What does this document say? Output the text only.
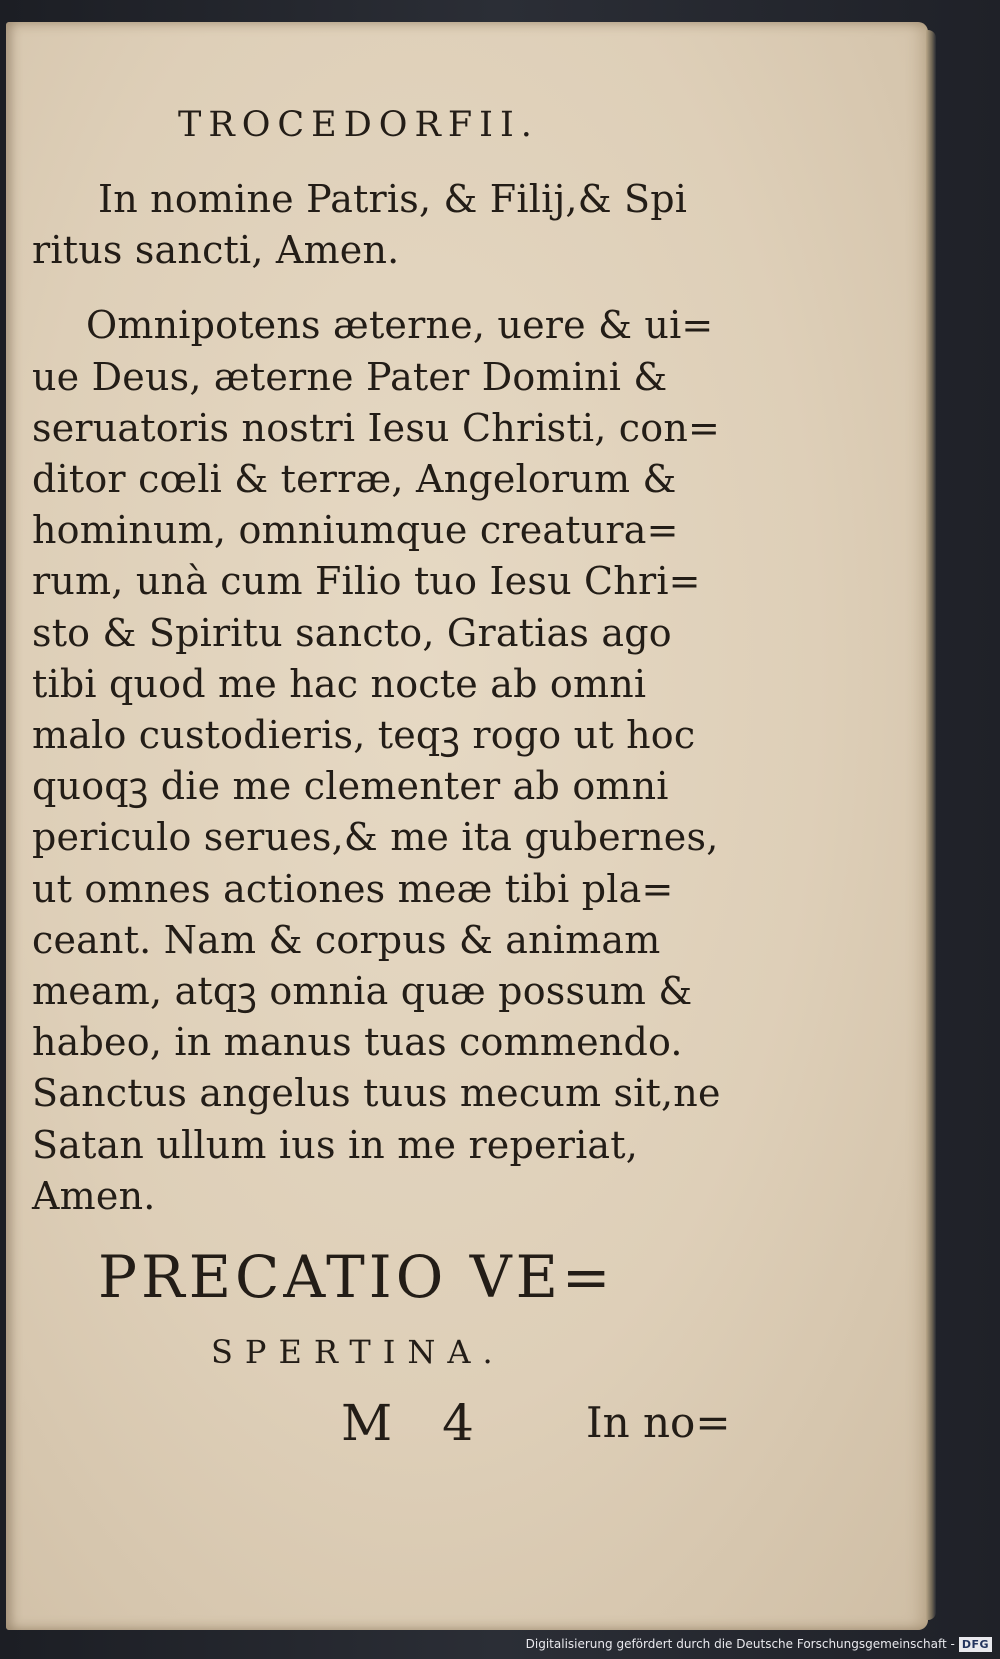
TROCEDORFII.
In nomine Patris, & Filij,& Spi
ritus sancti, Amen.
Omnipotens æterne, uere & ui=
ue Deus, æterne Pater Domini &
seruatoris nostri Iesu Christi, con=
ditor cœli & terræ, Angelorum &
hominum, omniumque creatura=
rum, unà cum Filio tuo Iesu Chri=
sto & Spiritu sancto, Gratias ago
tibi quod me hac nocte ab omni
malo custodieris, teqꝫ rogo ut hoc
quoqꝫ die me clementer ab omni
periculo serues,& me ita gubernes,
ut omnes actiones meæ tibi pla=
ceant. Nam & corpus & animam
meam, atqꝫ omnia quæ possum &
habeo, in manus tuas commendo.
Sanctus angelus tuus mecum sit,ne
Satan ullum ius in me reperiat,
Amen.
PRECATIO VE=
SPERTINA.
M 4	In no=
Digitalisierung gefördert durch die Deutsche Forschungsgemeinschaft - DFG
